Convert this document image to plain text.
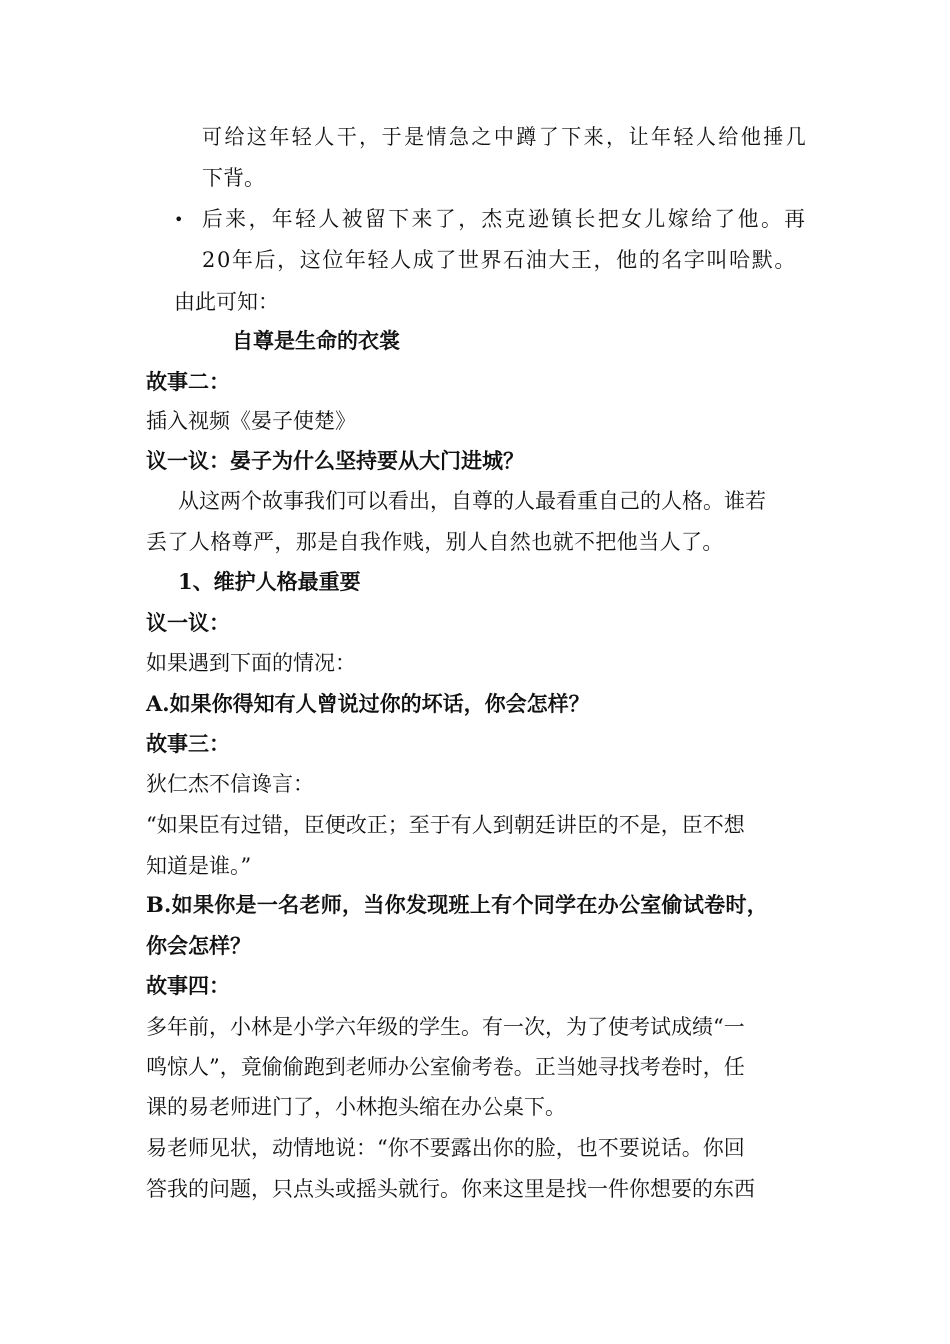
可给这年轻人干，于是情急之中蹲了下来，让年轻人给他捶几
下背。
• 后来，年轻人被留下来了，杰克逊镇长把女儿嫁给了他。再
20年后，这位年轻人成了世界石油大王，他的名字叫哈默。
由此可知：
自尊是生命的衣裳
故事二：
插入视频《晏子使楚》
议一议：晏子为什么坚持要从大门进城？
从这两个故事我们可以看出，自尊的人最看重自己的人格。谁若
丢了人格尊严，那是自我作贱，别人自然也就不把他当人了。
1、维护人格最重要
议一议：
如果遇到下面的情况：
A.如果你得知有人曾说过你的坏话，你会怎样？
故事三：
狄仁杰不信谗言：
“如果臣有过错，臣便改正；至于有人到朝廷讲臣的不是，臣不想
知道是谁。”
B.如果你是一名老师，当你发现班上有个同学在办公室偷试卷时，
你会怎样？
故事四：
多年前，小林是小学六年级的学生。有一次，为了使考试成绩“一
鸣惊人”，竟偷偷跑到老师办公室偷考卷。正当她寻找考卷时，任
课的易老师进门了，小林抱头缩在办公桌下。
易老师见状，动情地说：“你不要露出你的脸，也不要说话。你回
答我的问题，只点头或摇头就行。你来这里是找一件你想要的东西
